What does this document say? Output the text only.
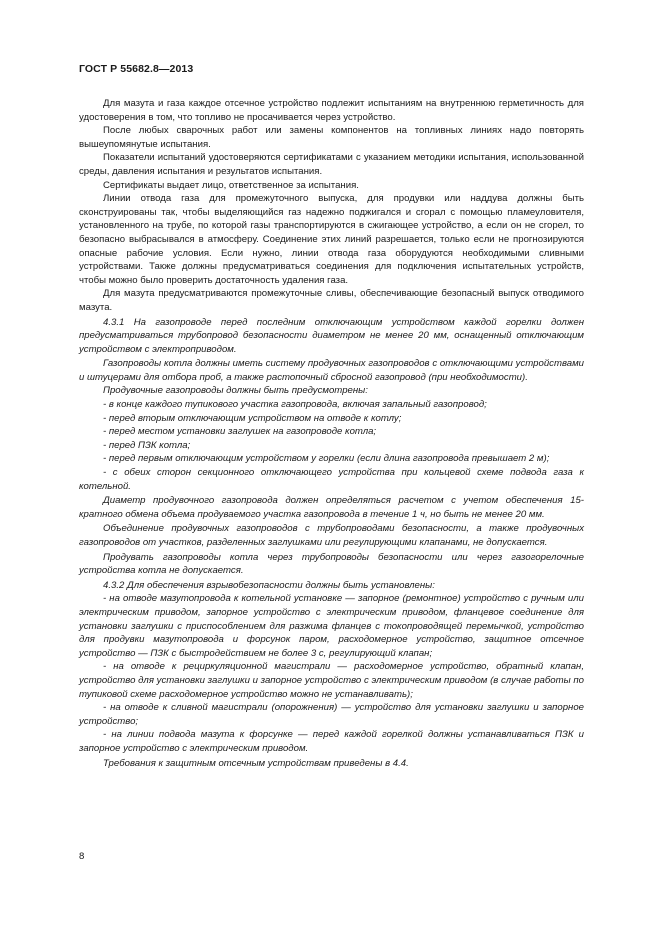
ГОСТ Р 55682.8—2013

Для мазута и газа каждое отсечное устройство подлежит испытаниям на внутреннюю герметичность для удостоверения в том, что топливо не просачивается через устройство.

После любых сварочных работ или замены компонентов на топливных линиях надо повторять вышеупомянутые испытания.

Показатели испытаний удостоверяются сертификатами с указанием методики испытания, использованной среды, давления испытания и результатов испытания.

Сертификаты выдает лицо, ответственное за испытания.

Линии отвода газа для промежуточного выпуска, для продувки или наддува должны быть сконструированы так, чтобы выделяющийся газ надежно поджигался и сгорал с помощью пламеуловителя, установленного на трубе, по которой газы транспортируются в сжигающее устройство, а если он не сгорел, то безопасно выбрасывался в атмосферу. Соединение этих линий разрешается, только если не прогнозируются опасные рабочие условия. Если нужно, линии отвода газа оборудуются необходимыми сливными устройствами. Также должны предусматриваться соединения для подключения испытательных устройств, чтобы можно было проверить достаточность удаления газа.

Для мазута предусматриваются промежуточные сливы, обеспечивающие безопасный выпуск отводимого мазута.

4.3.1 На газопроводе перед последним отключающим устройством каждой горелки должен предусматриваться трубопровод безопасности диаметром не менее 20 мм, оснащенный отключающим устройством с электроприводом.

Газопроводы котла должны иметь систему продувочных газопроводов с отключающими устройствами и штуцерами для отбора проб, а также растопочный сбросной газопровод (при необходимости).

Продувочные газопроводы должны быть предусмотрены:

- в конце каждого тупикового участка газопровода, включая запальный газопровод;

- перед вторым отключающим устройством на отводе к котлу;

- перед местом установки заглушек на газопроводе котла;

- перед ПЗК котла;

- перед первым отключающим устройством у горелки (если длина газопровода превышает 2 м);

- с обеих сторон секционного отключающего устройства при кольцевой схеме подвода газа к котельной.

Диаметр продувочного газопровода должен определяться расчетом с учетом обеспечения 15-кратного обмена объема продуваемого участка газопровода в течение 1 ч, но быть не менее 20 мм.

Объединение продувочных газопроводов с трубопроводами безопасности, а также продувочных газопроводов от участков, разделенных заглушками или регулирующими клапанами, не допускается.

Продувать газопроводы котла через трубопроводы безопасности или через газогорелочные устройства котла не допускается.

4.3.2 Для обеспечения взрывобезопасности должны быть установлены:

- на отводе мазутопровода к котельной установке — запорное (ремонтное) устройство с ручным или электрическим приводом, запорное устройство с электрическим приводом, фланцевое соединение для установки заглушки с приспособлением для разжима фланцев с токопроводящей перемычкой, устройство для продувки мазутопровода и форсунок паром, расходомерное устройство, защитное отсечное устройство — ПЗК с быстродействием не более 3 с, регулирующий клапан;

- на отводе к рециркуляционной магистрали — расходомерное устройство, обратный клапан, устройство для установки заглушки и запорное устройство с электрическим приводом (в случае работы по тупиковой схеме расходомерное устройство можно не устанавливать);

- на отводе к сливной магистрали (опорожнения) — устройство для установки заглушки и запорное устройство;

- на линии подвода мазута к форсунке — перед каждой горелкой должны устанавливаться ПЗК и запорное устройство с электрическим приводом.

Требования к защитным отсечным устройствам приведены в 4.4.

8
